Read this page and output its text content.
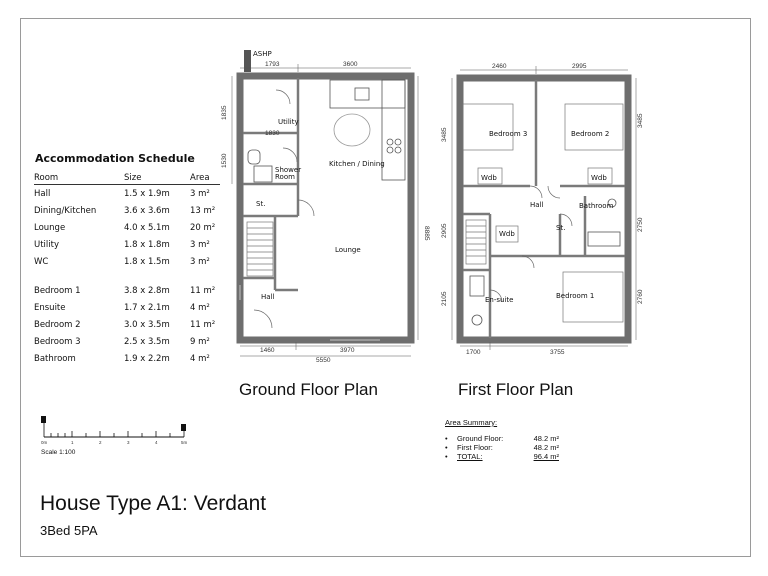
Accommodation Schedule
Room	Size	Area
Hall	1.5 x 1.9m	3 m²
Dining/Kitchen	3.6 x 3.6m	13 m²
Lounge	4.0 x 5.1m	20 m²
Utility	1.8 x 1.8m	3 m²
WC	1.8 x 1.5m	3 m²

Bedroom 1	3.8 x 2.8m	11 m²
Ensuite	1.7 x 2.1m	4 m²
Bedroom 2	3.0 x 3.5m	11 m²
Bedroom 3	2.5 x 3.5m	9 m²
Bathroom	1.9 x 2.2m	4 m²
ASHP
Utility
Shower Room
Kitchen / Dining
St.
Lounge
Hall
1793	3600
1835
1530
1830
8885
1460	3970
5550
Bedroom 3	Bedroom 2
Wdb	Wdb
Hall	Bathroom
Wdb
St.
En-suite	Bedroom 1
2460	2995
3485
3485
2905	2750
2105	2760
1700	3755
0m	1	2	3	4	5m
Scale 1:100
Ground Floor Plan	First Floor Plan
Area Summary:
•	Ground Floor:	48.2 m²
•	First Floor:	48.2 m²
•	TOTAL:	96.4 m²
House Type A1: Verdant
3Bed 5PA
